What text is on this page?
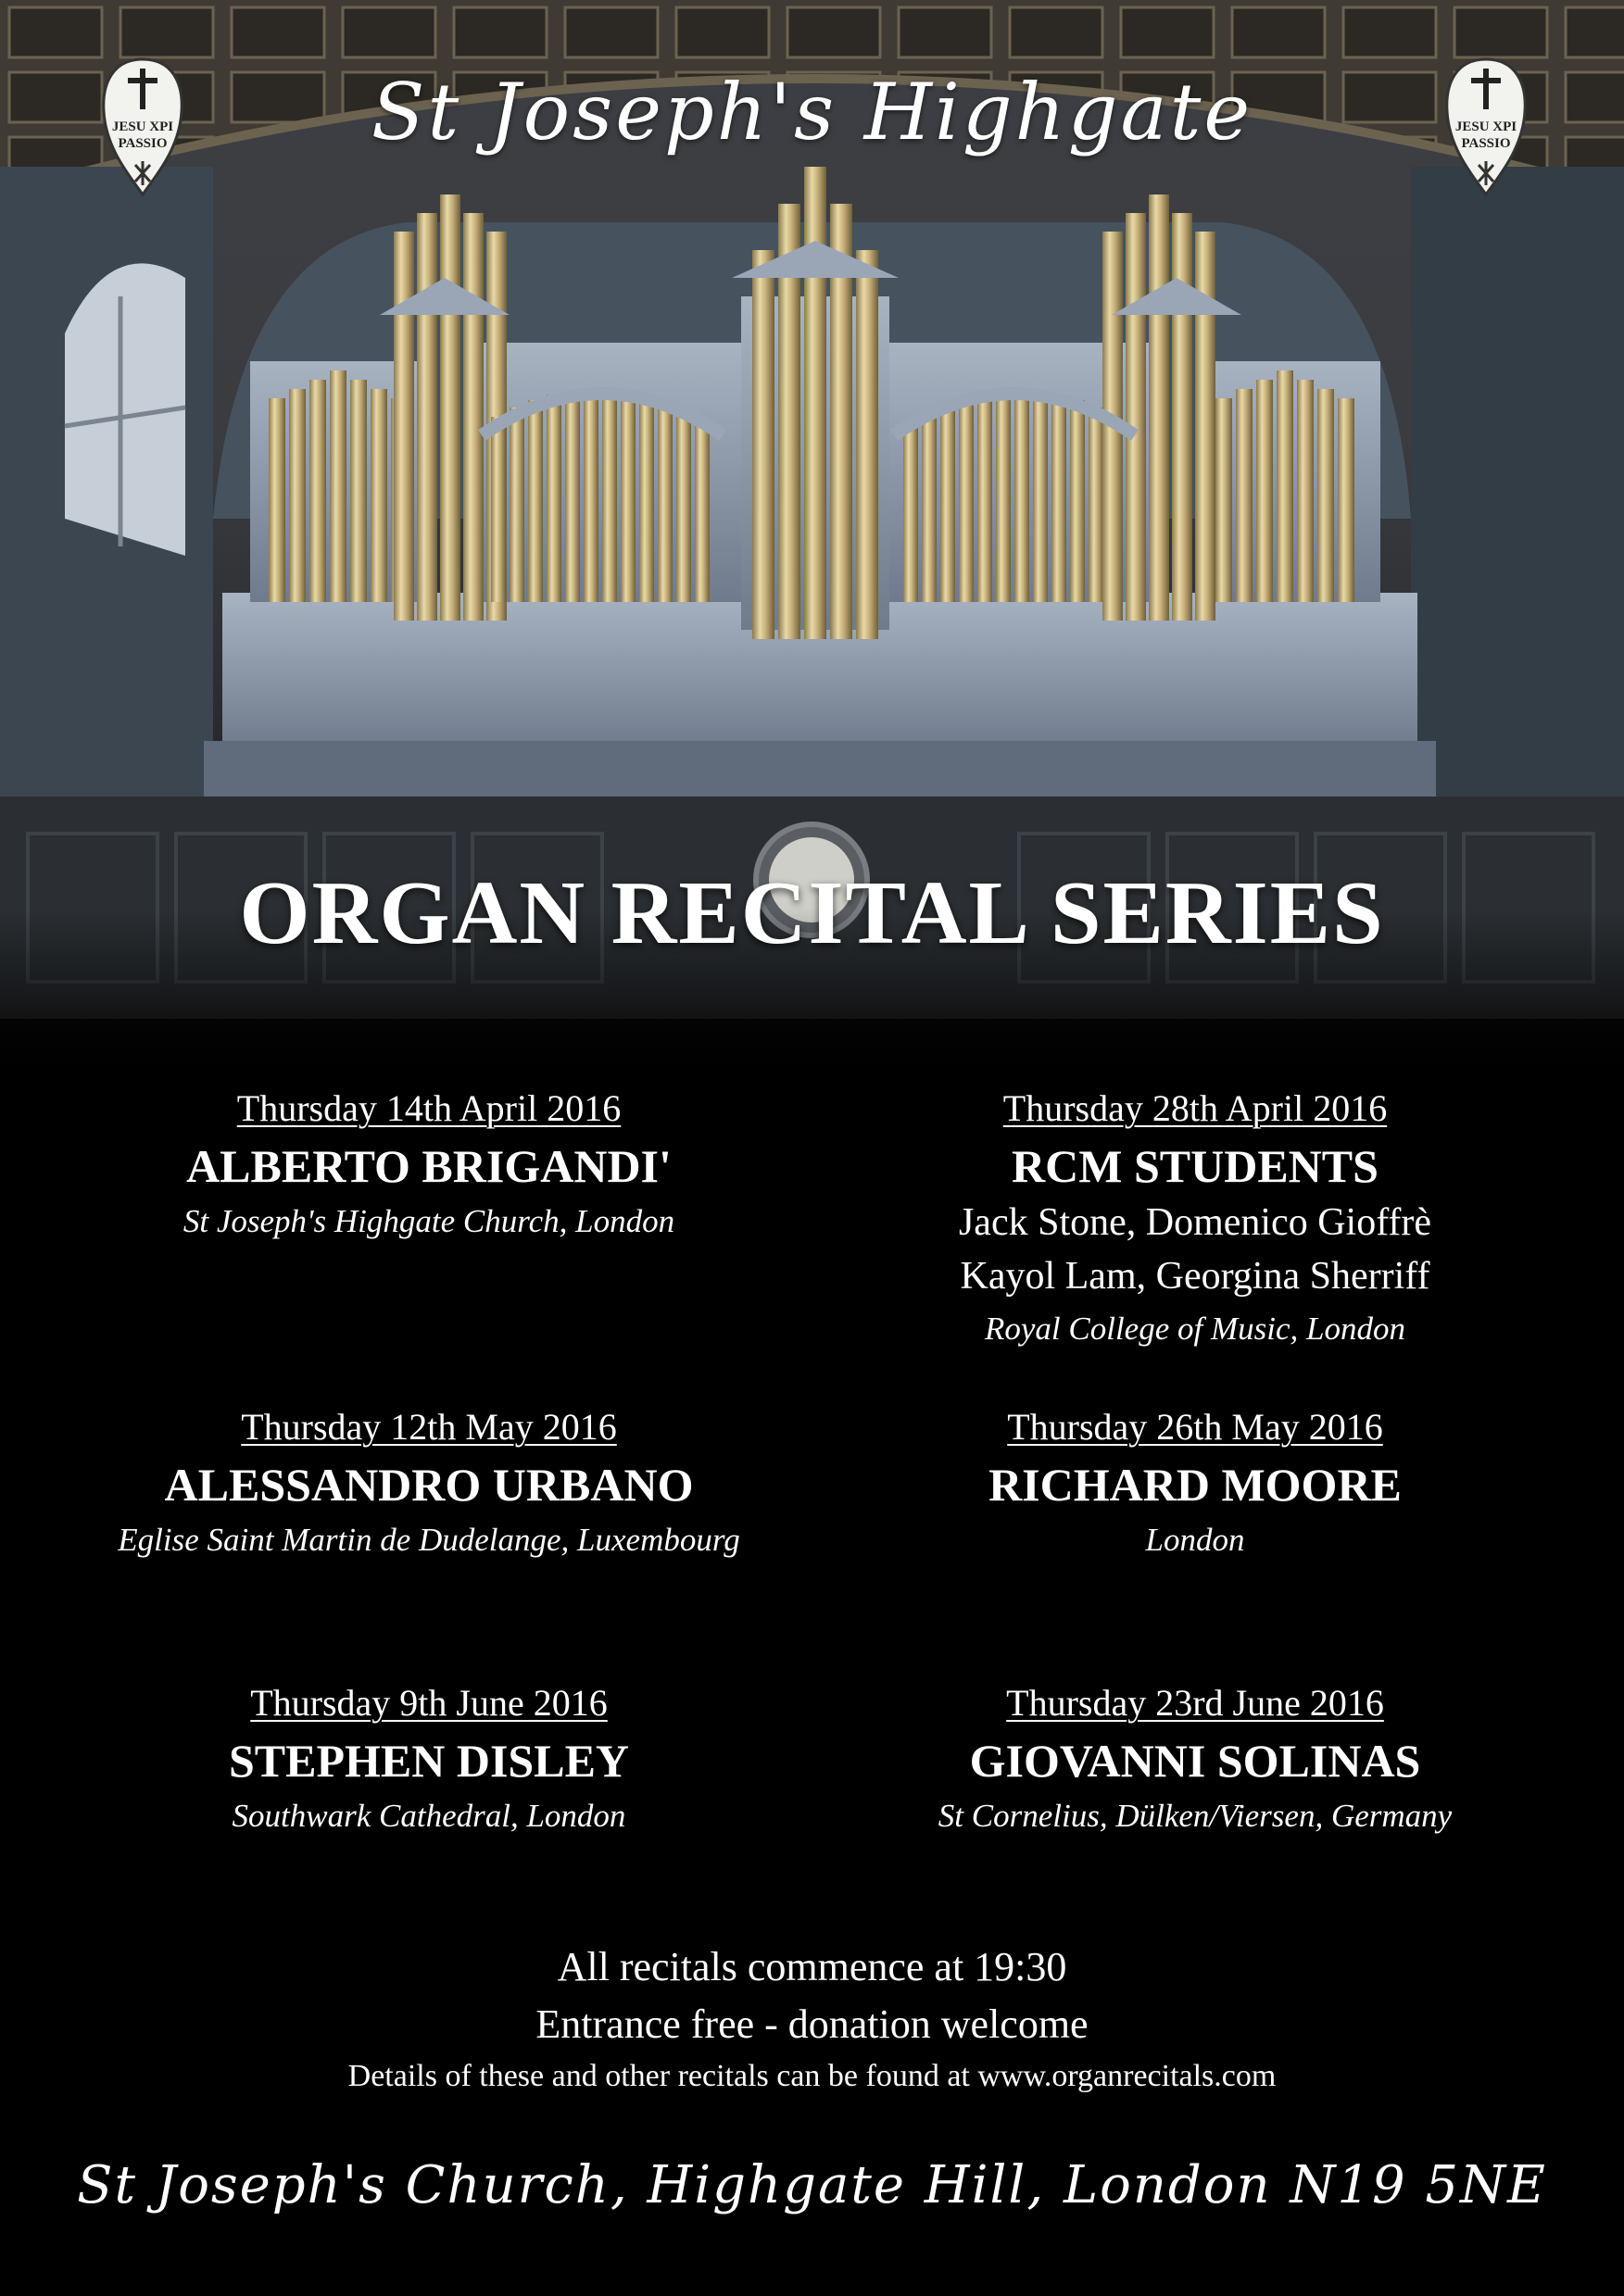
JESU XPI
PASSIO
JESU XPI
PASSIO
St Joseph's Highgate
ORGAN RECITAL SERIES
Thursday 14th April 2016
ALBERTO BRIGANDI'
St Joseph's Highgate Church, London
Thursday 28th April 2016
RCM STUDENTS
Jack Stone, Domenico Gioffrè
Kayol Lam, Georgina Sherriff
Royal College of Music, London
Thursday 12th May 2016
ALESSANDRO URBANO
Eglise Saint Martin de Dudelange, Luxembourg
Thursday 26th May 2016
RICHARD MOORE
London
Thursday 9th June 2016
STEPHEN DISLEY
Southwark Cathedral, London
Thursday 23rd June 2016
GIOVANNI SOLINAS
St Cornelius, Dülken/Viersen, Germany
All recitals commence at 19:30
Entrance free - donation welcome
Details of these and other recitals can be found at www.organrecitals.com
St Joseph's Church, Highgate Hill, London N19 5NE
